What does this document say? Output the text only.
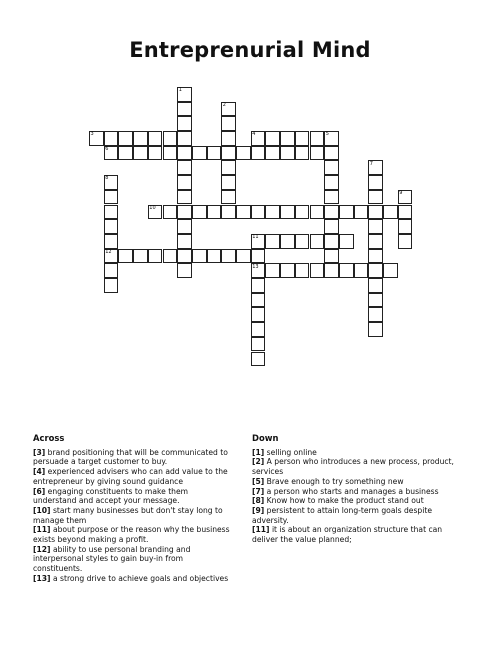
3	4
6
10
11
12
13
1
2
5
7
8
9
Entreprenurial Mind
Across
[3] brand positioning that will be communicated to persuade a target customer to buy.
[4] experienced advisers who can add value to the entrepreneur by giving sound guidance
[6] engaging constituents to make them understand and accept your message.
[10] start many businesses but don't stay long to manage them
[11] about purpose or the reason why the business exists beyond making a profit.
[12] ability to use personal branding and interpersonal styles to gain buy-in from constituents.
[13] a strong drive to achieve goals and objectives
Down
[1] selling online
[2] A person who introduces a new process, product, services
[5] Brave enough to try something new
[7] a person who starts and manages a business
[8] Know how to make the product stand out
[9] persistent to attain long-term goals despite adversity.
[11] it is about an organization structure that can deliver the value planned;
